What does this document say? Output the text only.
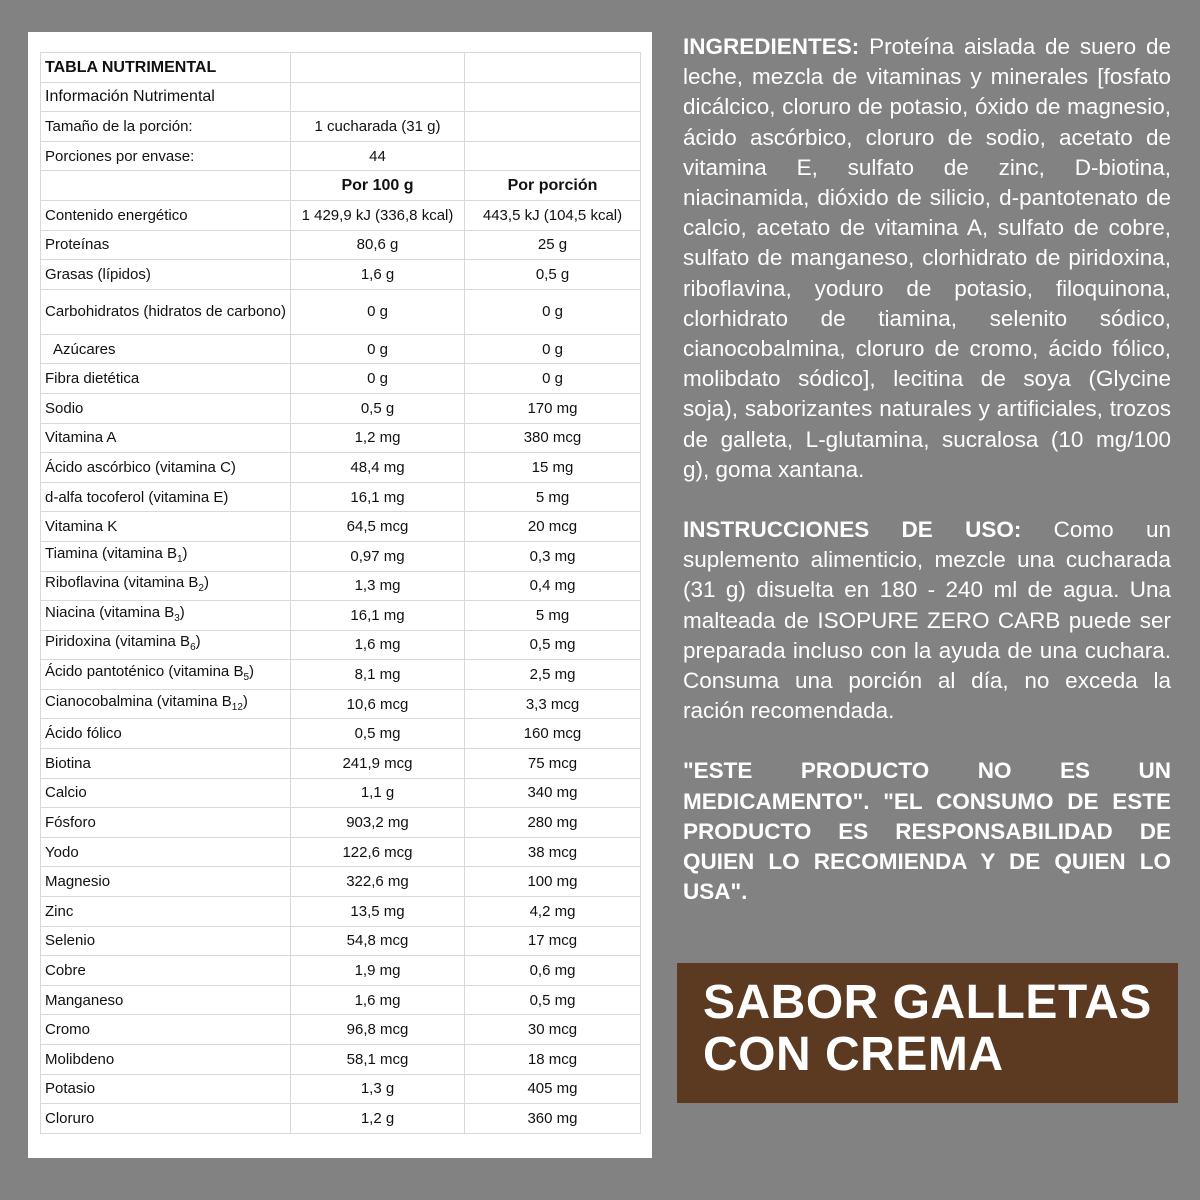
TABLA NUTRIMENTAL		
Información Nutrimental		
Tamaño de la porción:	1 cucharada (31 g)	
Porciones por envase:	44	
	Por 100 g	Por porción
Contenido energético	1 429,9 kJ (336,8 kcal)	443,5 kJ (104,5 kcal)
Proteínas	80,6 g	25 g
Grasas (lípidos)	1,6 g	0,5 g
Carbohidratos (hidratos de carbono)	0 g	0 g
Azúcares	0 g	0 g
Fibra dietética	0 g	0 g
Sodio	0,5 g	170 mg
Vitamina A	1,2 mg	380 mcg
Ácido ascórbico (vitamina C)	48,4 mg	15 mg
d-alfa tocoferol (vitamina E)	16,1 mg	5 mg
Vitamina K	64,5 mcg	20 mcg
Tiamina (vitamina $B_1$)	0,97 mg	0,3 mg
Riboflavina (vitamina $B_2$)	1,3 mg	0,4 mg
Niacina (vitamina $B_3$)	16,1 mg	5 mg
Piridoxina (vitamina $B_6$)	1,6 mg	0,5 mg
Ácido pantoténico (vitamina $B_5$)	8,1 mg	2,5 mg
Cianocobalmina (vitamina $B_{12}$)	10,6 mcg	3,3 mcg
Ácido fólico	0,5 mg	160 mcg
Biotina	241,9 mcg	75 mcg
Calcio	1,1 g	340 mg
Fósforo	903,2 mg	280 mg
Yodo	122,6 mcg	38 mcg
Magnesio	322,6 mg	100 mg
Zinc	13,5 mg	4,2 mg
Selenio	54,8 mcg	17 mcg
Cobre	1,9 mg	0,6 mg
Manganeso	1,6 mg	0,5 mg
Cromo	96,8 mcg	30 mcg
Molibdeno	58,1 mcg	18 mcg
Potasio	1,3 g	405 mg
Cloruro	1,2 g	360 mg

INGREDIENTES: Proteína aislada de suero de leche, mezcla de vitaminas y minerales [fosfato dicálcico, cloruro de potasio, óxido de magnesio, ácido ascórbico, cloruro de sodio, acetato de vitamina E, sulfato de zinc, D-biotina, niacinamida, dióxido de silicio, d-pantotenato de calcio, acetato de vitamina A, sulfato de cobre, sulfato de manganeso, clorhidrato de piridoxina, riboflavina, yoduro de potasio, filoquinona, clorhidrato de tiamina, selenito sódico, cianocobalmina, cloruro de cromo, ácido fólico, molibdato sódico], lecitina de soya (Glycine soja), saborizantes naturales y artificiales, trozos de galleta, L-glutamina, sucralosa (10 mg/100 g), goma xantana.

INSTRUCCIONES DE USO: Como un suplemento alimenticio, mezcle una cucharada (31 g) disuelta en 180 - 240 ml de agua. Una malteada de ISOPURE ZERO CARB puede ser preparada incluso con la ayuda de una cuchara. Consuma una porción al día, no exceda la ración recomendada.

"ESTE PRODUCTO NO ES UN MEDICAMENTO". "EL CONSUMO DE ESTE PRODUCTO ES RESPONSABILIDAD DE QUIEN LO RECOMIENDA Y DE QUIEN LO USA".

SABOR GALLETAS
CON CREMA
